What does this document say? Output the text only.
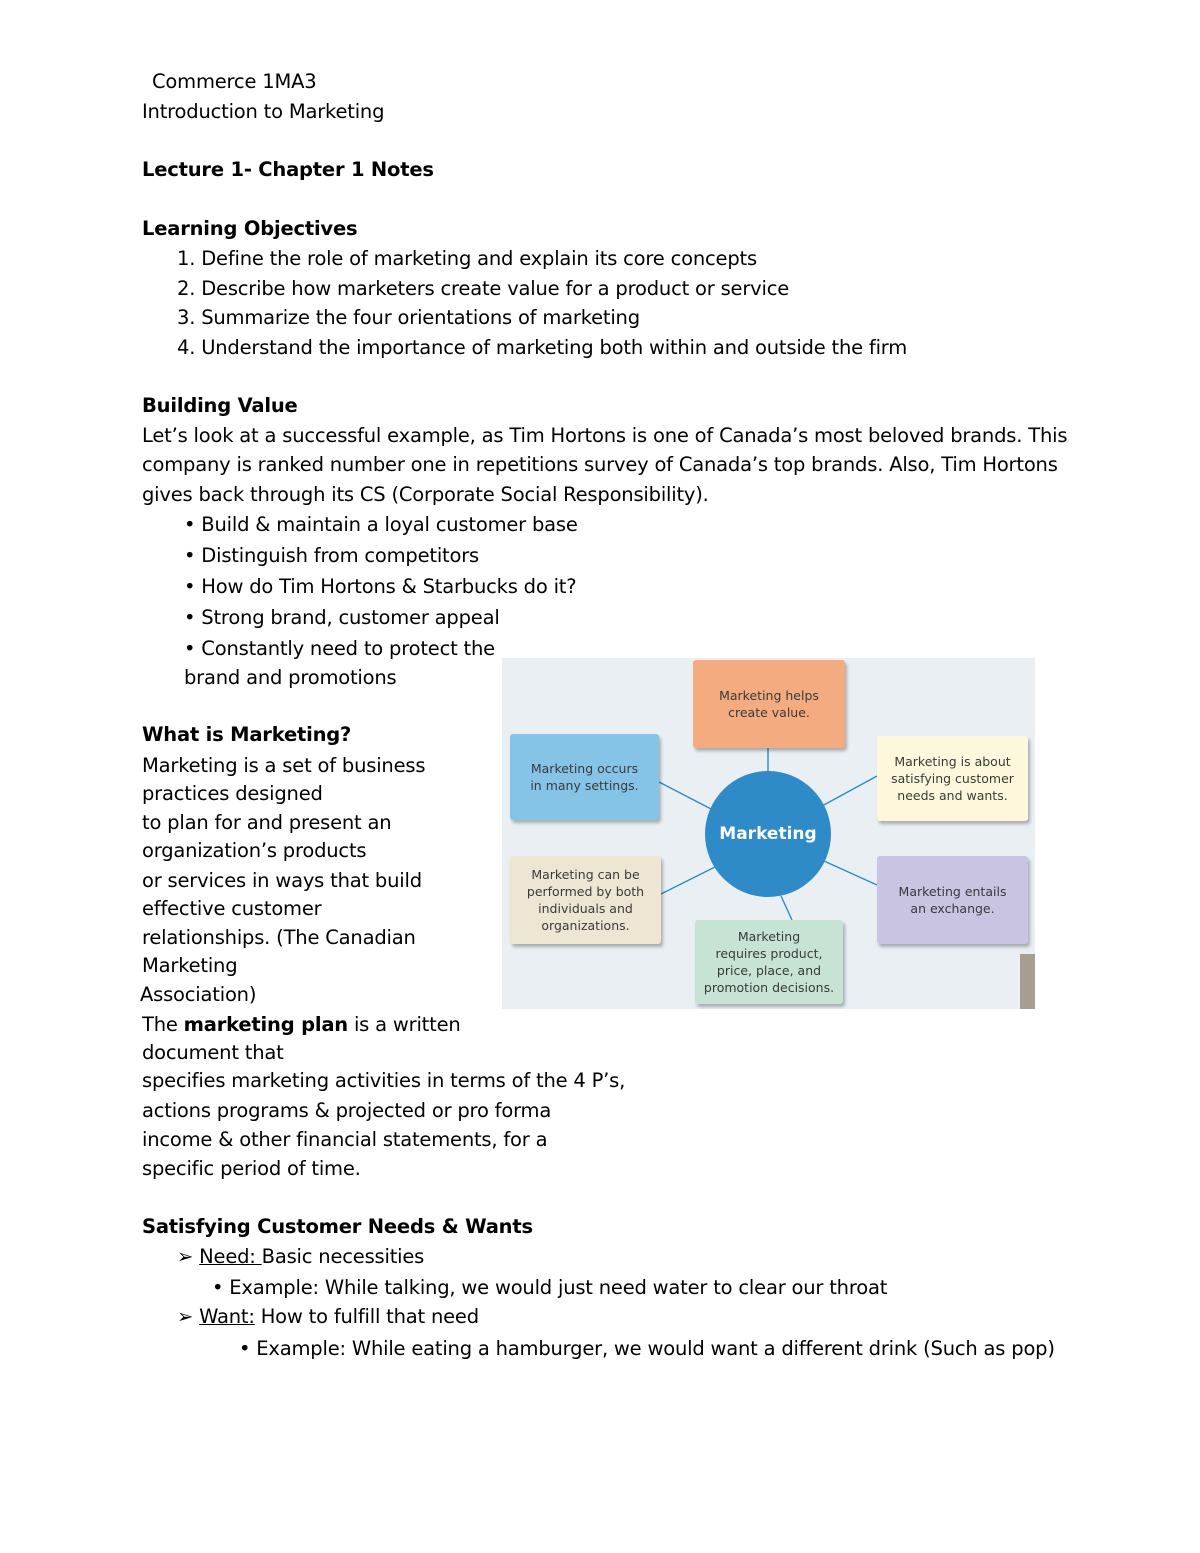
Commerce 1MA3
Introduction to Marketing
Lecture 1- Chapter 1 Notes
Learning Objectives
1. Define the role of marketing and explain its core concepts
2. Describe how marketers create value for a product or service
3. Summarize the four orientations of marketing
4. Understand the importance of marketing both within and outside the firm
Building Value
Let’s look at a successful example, as Tim Hortons is one of Canada’s most beloved brands. This
company is ranked number one in repetitions survey of Canada’s top brands. Also, Tim Hortons
gives back through its CS (Corporate Social Responsibility).
• Build & maintain a loyal customer base
• Distinguish from competitors
• How do Tim Hortons & Starbucks do it?
• Strong brand, customer appeal
• Constantly need to protect the
brand and promotions
What is Marketing?
Marketing is a set of business
practices designed
to plan for and present an
organization’s products
or services in ways that build
effective customer
relationships. (The Canadian
Marketing
Association)
The marketing plan is a written
document that
specifies marketing activities in terms of the 4 P’s,
actions programs & projected or pro forma
income & other financial statements, for a
specific period of time.
Satisfying Customer Needs & Wants
➢ Need: Basic necessities
• Example: While talking, we would just need water to clear our throat
➢ Want: How to fulfill that need
• Example: While eating a hamburger, we would want a different drink (Such as pop)
Marketing helps
create value.
Marketing is about
satisfying customer
needs and wants.
Marketing entails
an exchange.
Marketing
requires product,
price, place, and
promotion decisions.
Marketing can be
performed by both
individuals and
organizations.
Marketing occurs
in many settings.
Marketing
